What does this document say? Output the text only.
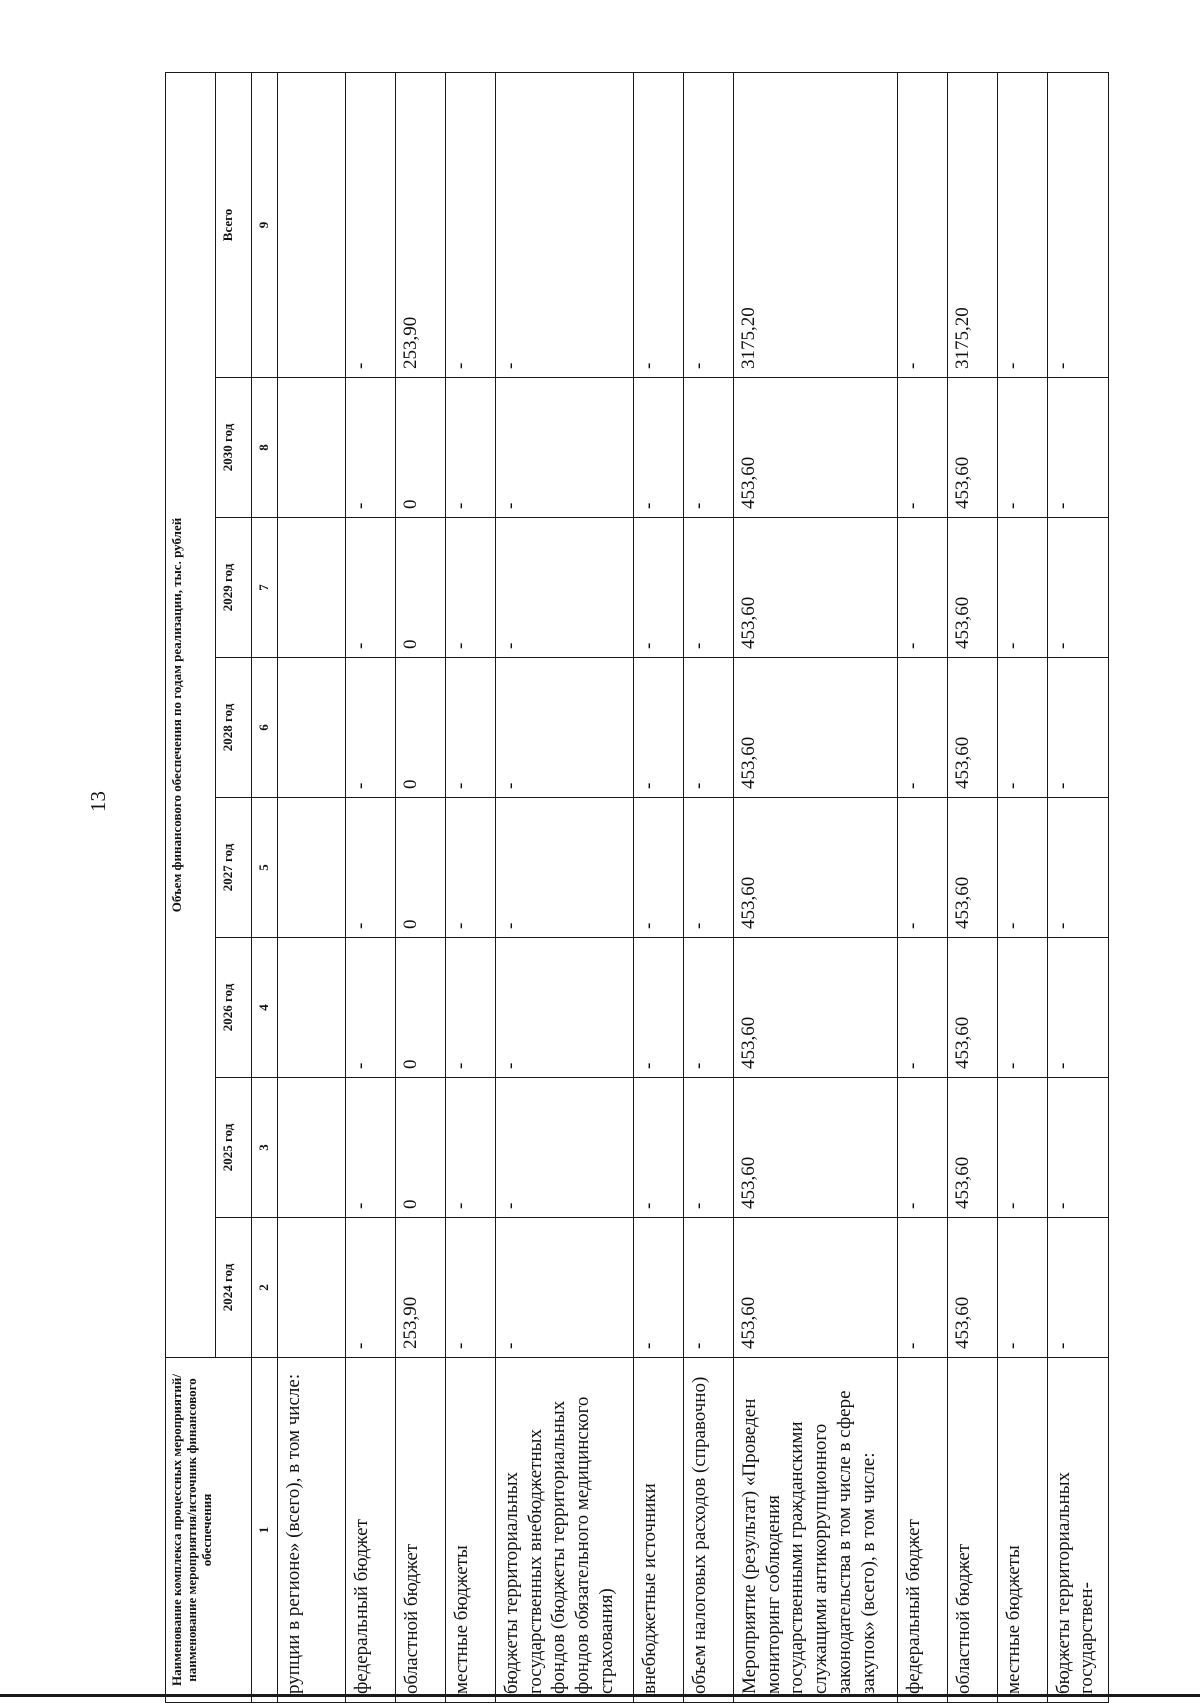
13
Наименование комплекса процессных мероприятий/наименование мероприятия/источник финансового обеспечения	Объем финансового обеспечения по годам реализации, тыс. рублей							
	2024 год	2025 год	2026 год	2027 год	2028 год	2029 год	2030 год	Всего
1	2	3	4	5	6	7	8	9
рупции в регионе» (всего), в том числе:								
федеральный бюджет	-	-	-	-	-	-	-	-
областной бюджет	253,90	0	0	0	0	0	0	253,90
местные бюджеты	-	-	-	-	-	-	-	-
бюджеты территориальных государственных внебюджетных фондов (бюджеты территориальных фондов обязательного медицинского страхования)	-	-	-	-	-	-	-	-
внебюджетные источники	-	-	-	-	-	-	-	-
объем налоговых расходов (справочно)	-	-	-	-	-	-	-	-
Мероприятие (результат) «Проведен мониторинг соблюдения государственными гражданскими служащими антикоррупционного законодательства в том числе в сфере закупок» (всего), в том числе:	453,60	453,60	453,60	453,60	453,60	453,60	453,60	3175,20
федеральный бюджет	-	-	-	-	-	-	-	-
областной бюджет	453,60	453,60	453,60	453,60	453,60	453,60	453,60	3175,20
местные бюджеты	-	-	-	-	-	-	-	-
бюджеты территориальных государствен-	-	-	-	-	-	-	-	-
